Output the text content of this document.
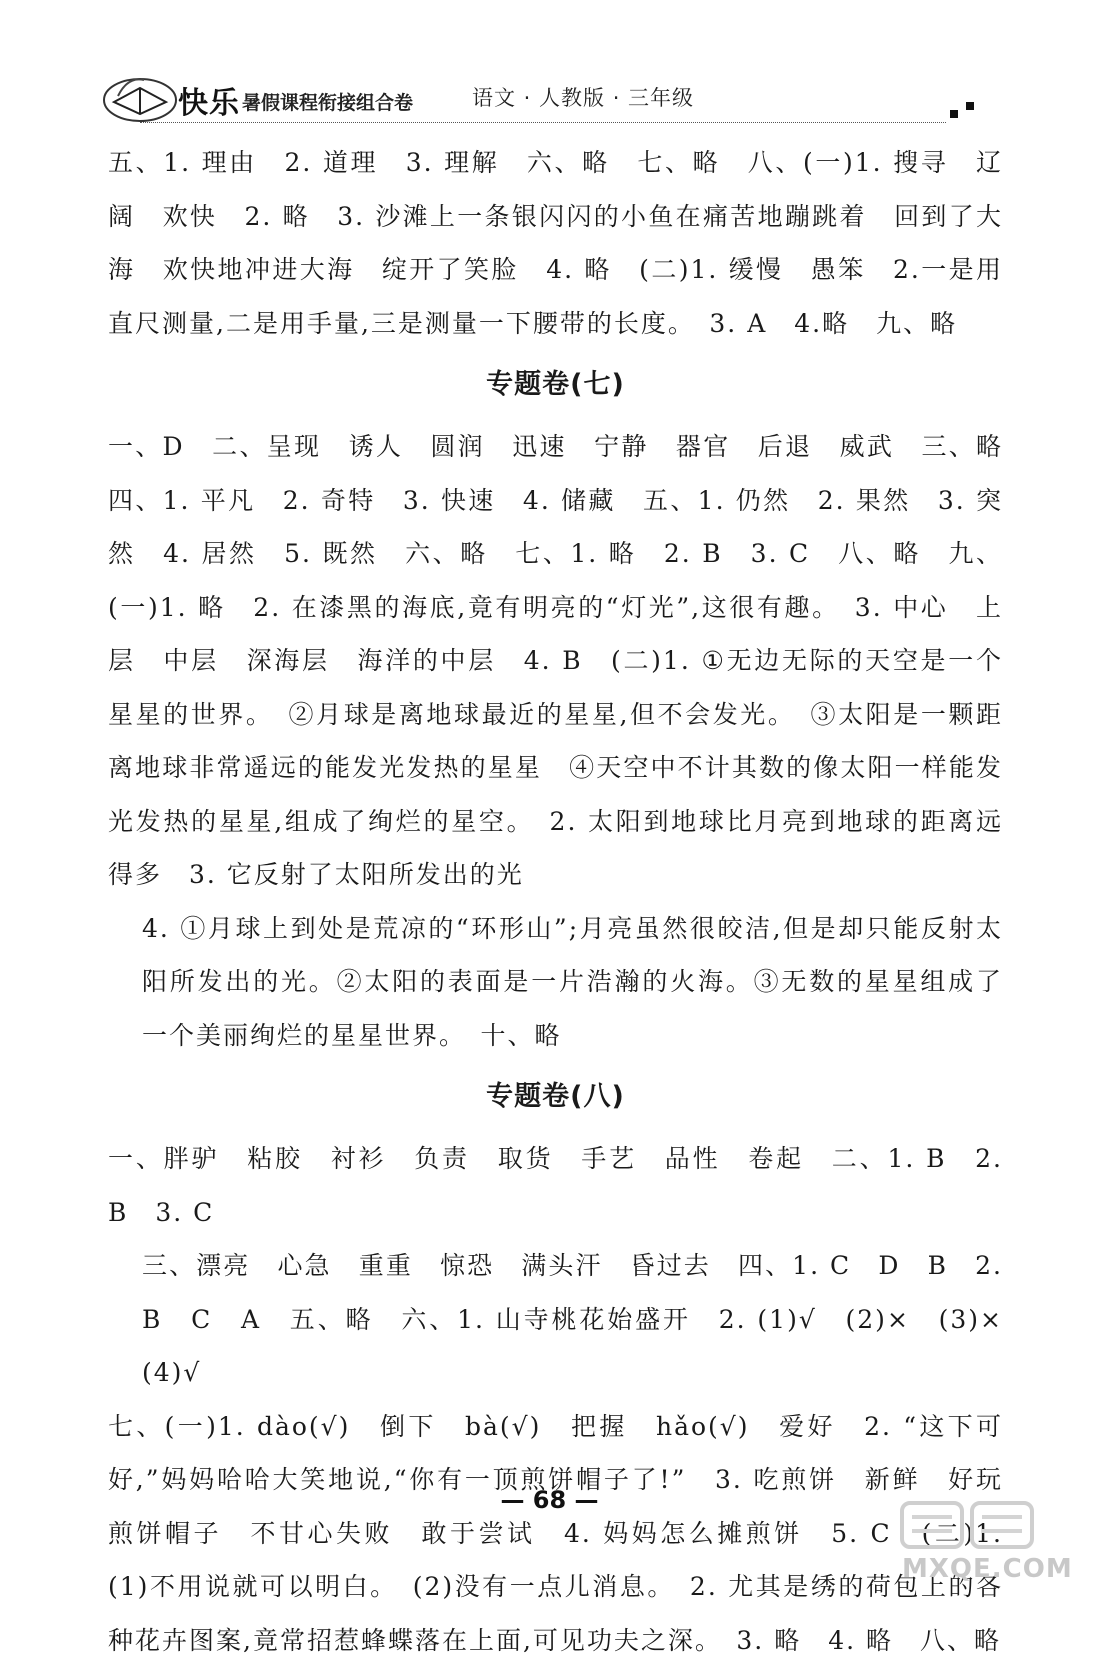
快乐 暑假课程衔接组合卷	语文 · 人教版 · 三年级

五、1. 理由　2. 道理　3. 理解　六、略　七、略　八、(一)1. 搜寻　辽阔　欢快　2. 略　3. 沙滩上一条银闪闪的小鱼在痛苦地蹦跳着　回到了大海　欢快地冲进大海　绽开了笑脸　4. 略　(二)1. 缓慢　愚笨　2.一是用直尺测量,二是用手量,三是测量一下腰带的长度。　3. A　4.略　九、略

专题卷(七)

一、D　二、呈现　诱人　圆润　迅速　宁静　器官　后退　威武　三、略　四、1. 平凡　2. 奇特　3. 快速　4. 储藏　五、1. 仍然　2. 果然　3. 突然　4. 居然　5. 既然　六、略　七、1. 略　2. B　3. C　八、略　九、(一)1. 略　2. 在漆黑的海底,竟有明亮的“灯光”,这很有趣。　3. 中心　上层　中层　深海层　海洋的中层　4. B　(二)1. ①无边无际的天空是一个星星的世界。　②月球是离地球最近的星星,但不会发光。　③太阳是一颗距离地球非常遥远的能发光发热的星星　④天空中不计其数的像太阳一样能发光发热的星星,组成了绚烂的星空。　2. 太阳到地球比月亮到地球的距离远得多　3. 它反射了太阳所发出的光

4. ①月球上到处是荒凉的“环形山”;月亮虽然很皎洁,但是却只能反射太阳所发出的光。②太阳的表面是一片浩瀚的火海。③无数的星星组成了一个美丽绚烂的星星世界。　十、略

专题卷(八)

一、胖驴　粘胶　衬衫　负责　取货　手艺　品性　卷起　二、1. B　2. B　3. C

三、漂亮　心急　重重　惊恐　满头汗　昏过去　四、1. C　D　B　2. B　C　A　五、略　六、1. 山寺桃花始盛开　2. (1)√　(2)×　(3)×　(4)√

七、(一)1. dào(√)　倒下　bà(√)　把握　hǎo(√)　爱好　2. “这下可好,”妈妈哈哈大笑地说,“你有一顶煎饼帽子了!”　3. 吃煎饼　新鲜　好玩　煎饼帽子　不甘心失败　敢于尝试　4. 妈妈怎么摊煎饼　5. C　(二)1. (1)不用说就可以明白。　(2)没有一点儿消息。　2. 尤其是绣的荷包上的各种花卉图案,竟常招惹蜂蝶落在上面,可见功夫之深。　3. 略　4. 略　八、略

— 68 —
MXQE.COM
